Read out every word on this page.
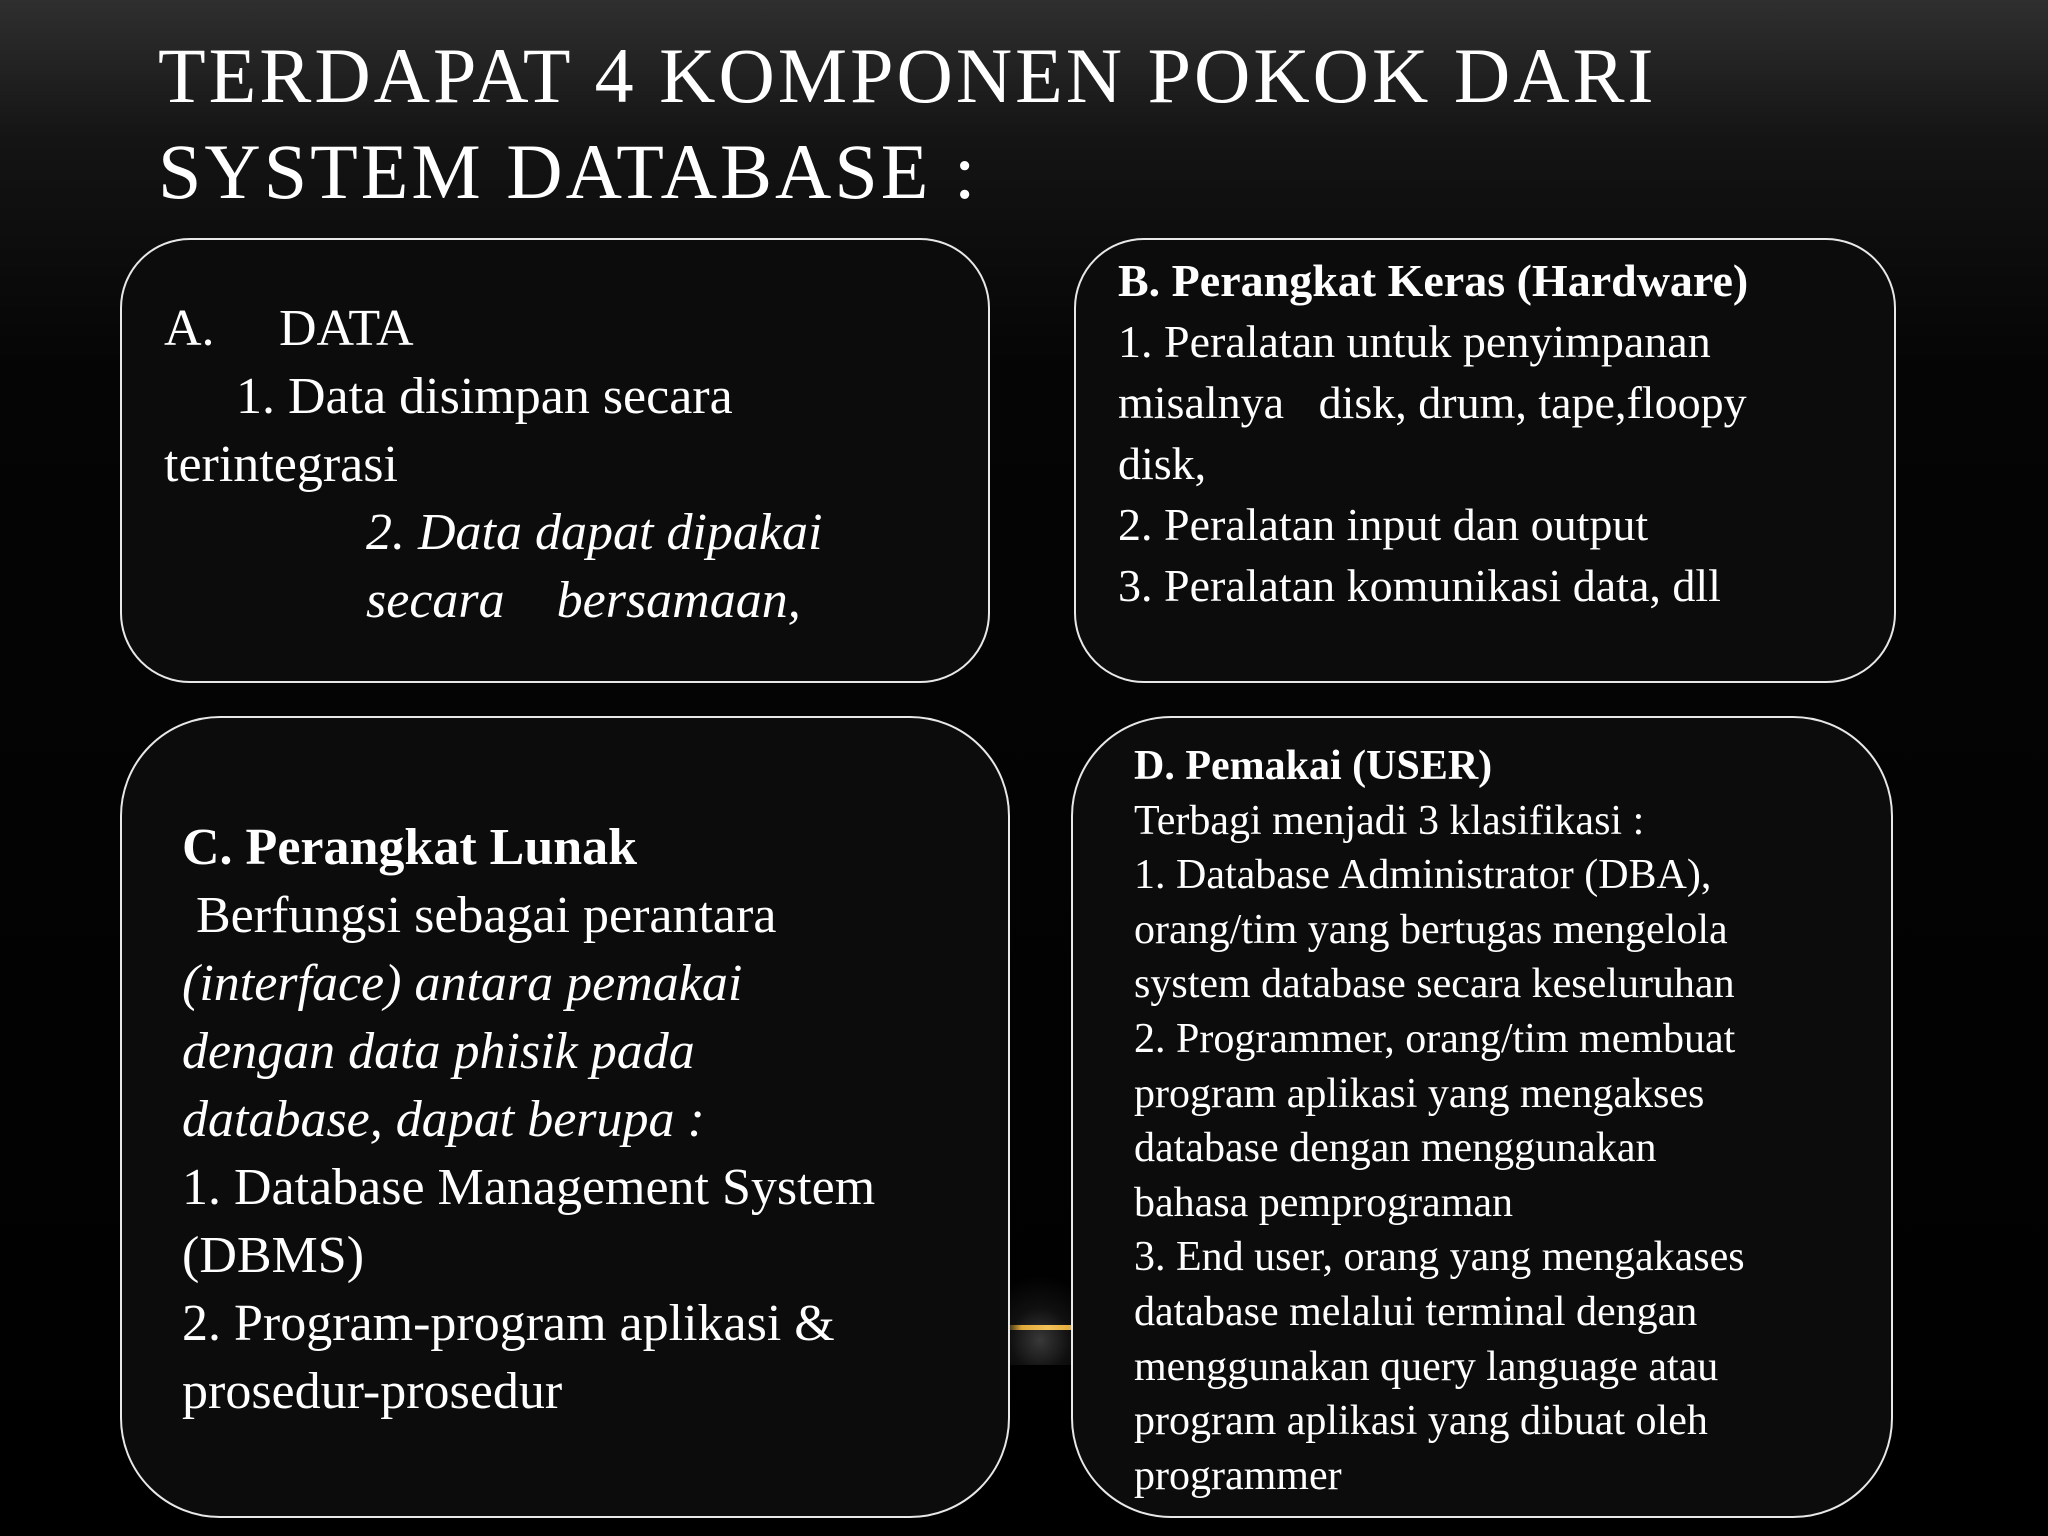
TERDAPAT 4 KOMPONEN POKOK DARI
SYSTEM DATABASE :
A.	DATA

1. Data disimpan secara
terintegrasi

2. Data dapat dipakai
secara    bersamaan,

B. Perangkat Keras (Hardware)

1. Peralatan untuk penyimpanan

misalnya   disk, drum, tape,floopy

disk,

2. Peralatan input dan output

3. Peralatan komunikasi data, dll

C. Perangkat Lunak

Berfungsi sebagai perantara

(interface) antara pemakai

dengan data phisik pada

database, dapat berupa :

1. Database Management System

(DBMS)

2. Program-program aplikasi &

prosedur-prosedur

D. Pemakai (USER)

Terbagi menjadi 3 klasifikasi :

1. Database Administrator (DBA),

orang/tim yang bertugas mengelola

system database secara keseluruhan

2. Programmer, orang/tim membuat

program aplikasi yang mengakses

database dengan menggunakan

bahasa pemprograman

3. End user, orang yang mengakases

database melalui terminal dengan

menggunakan query language atau

program aplikasi yang dibuat oleh

programmer
